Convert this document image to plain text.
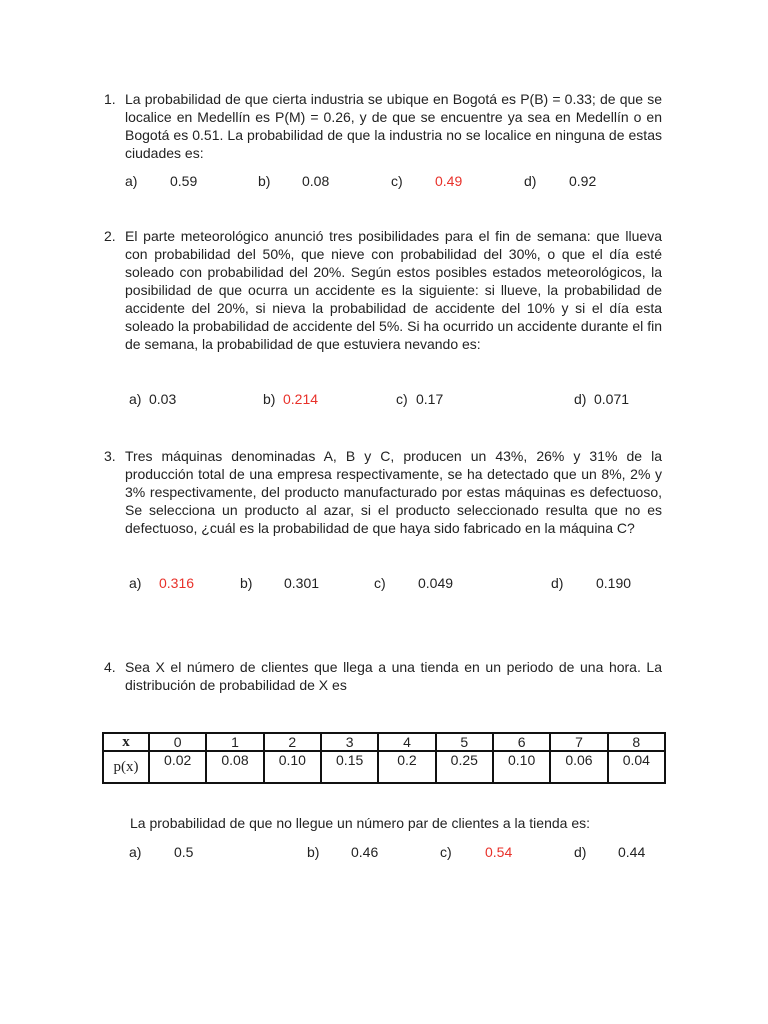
1. La probabilidad de que cierta industria se ubique en Bogotá es P(B) = 0.33; de que se localice en Medellín es P(M) = 0.26, y de que se encuentre ya sea en Medellín o en Bogotá es 0.51. La probabilidad de que la industria no se localice en ninguna de estas ciudades es:
a) 0.59	b) 0.08	c) 0.49	d) 0.92
2. El parte meteorológico anunció tres posibilidades para el fin de semana: que llueva con probabilidad del 50%, que nieve con probabilidad del 30%, o que el día esté soleado con probabilidad del 20%. Según estos posibles estados meteorológicos, la posibilidad de que ocurra un accidente es la siguiente: si llueve, la probabilidad de accidente del 20%, si nieva la probabilidad de accidente del 10% y si el día esta soleado la probabilidad de accidente del 5%. Si ha ocurrido un accidente durante el fin de semana, la probabilidad de que estuviera nevando es:
a) 0.03	b) 0.214	c) 0.17	d) 0.071
3. Tres máquinas denominadas A, B y C, producen un 43%, 26% y 31% de la producción total de una empresa respectivamente, se ha detectado que un 8%, 2% y 3% respectivamente, del producto manufacturado por estas máquinas es defectuoso, Se selecciona un producto al azar, si el producto seleccionado resulta que no es defectuoso, ¿cuál es la probabilidad de que haya sido fabricado en la máquina C?
a) 0.316	b) 0.301	c) 0.049	d) 0.190
4. Sea X el número de clientes que llega a una tienda en un periodo de una hora. La distribución de probabilidad de X es
x	0	1	2	3	4	5	6	7	8
p(x)	0.02	0.08	0.10	0.15	0.2	0.25	0.10	0.06	0.04
La probabilidad de que no llegue un número par de clientes a la tienda es:
a) 0.5	b) 0.46	c) 0.54	d) 0.44
